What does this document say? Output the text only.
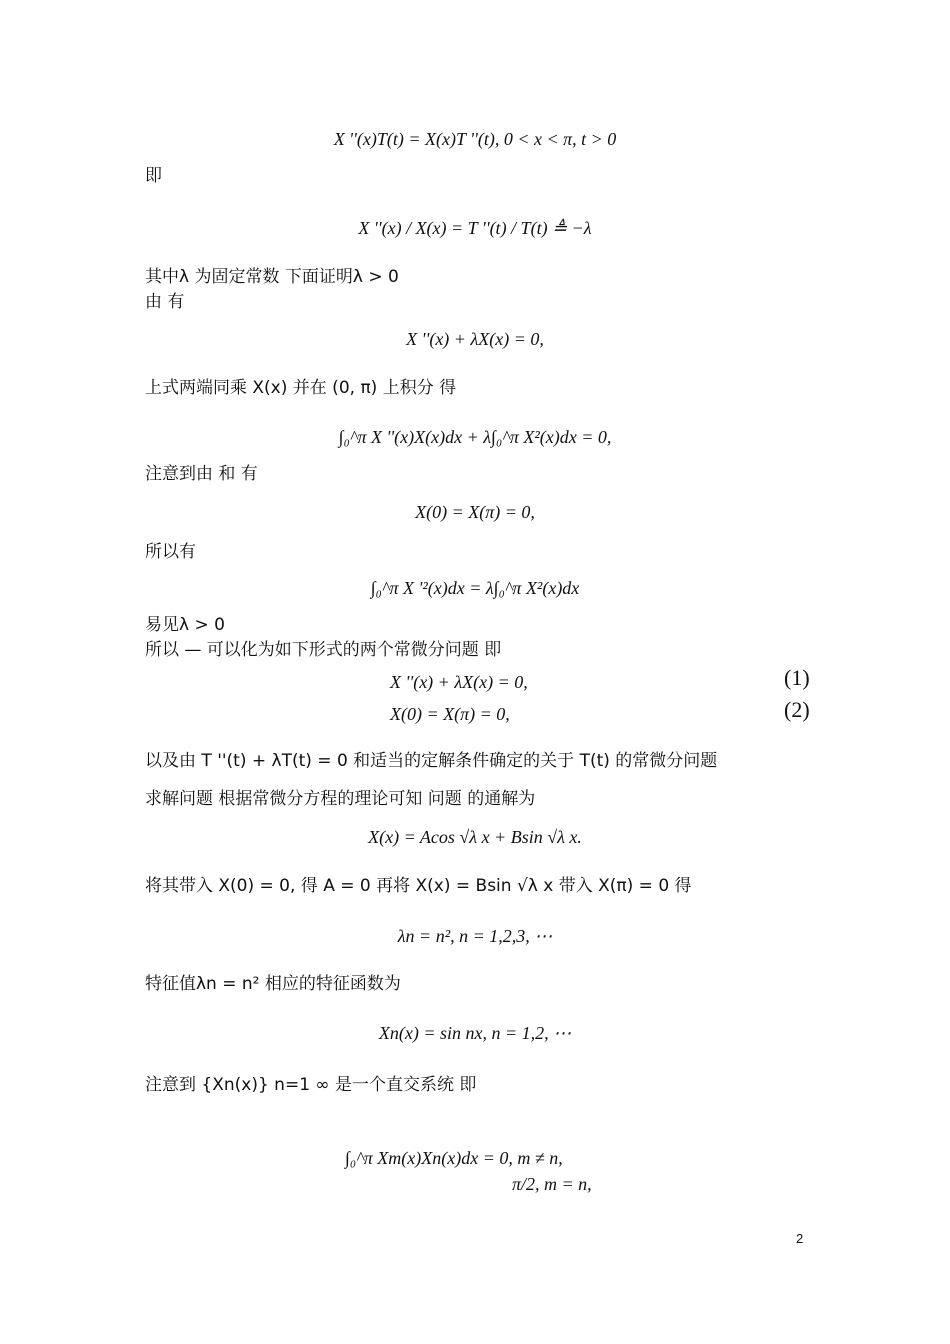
X ''(x)T(t) = X(x)T ''(t), 0 < x < π, t > 0
即
X ''(x) / X(x) = T ''(t) / T(t) ≜ −λ
其中λ 为固定常数 下面证明λ > 0
由 有
X ''(x) + λX(x) = 0,
上式两端同乘 X(x) 并在 (0, π) 上积分 得
∫₀^π X ''(x)X(x)dx + λ∫₀^π X²(x)dx = 0,
注意到由 和 有
X(0) = X(π) = 0,
所以有
∫₀^π X '²(x)dx = λ∫₀^π X²(x)dx
易见λ > 0
所以 — 可以化为如下形式的两个常微分问题 即
X ''(x) + λX(x) = 0,	(1)
X(0) = X(π) = 0,	(2)
以及由 T ''(t) + λT(t) = 0 和适当的定解条件确定的关于 T(t) 的常微分问题
求解问题 根据常微分方程的理论可知 问题 的通解为
X(x) = Acos √λ x + Bsin √λ x.
将其带入 X(0) = 0, 得 A = 0 再将 X(x) = Bsin √λ x 带入 X(π) = 0 得
λn = n², n = 1,2,3, ⋯
特征值λn = n² 相应的特征函数为
Xn(x) = sin nx, n = 1,2, ⋯
注意到 {Xn(x)} n=1 ∞ 是一个直交系统 即
∫₀^π Xm(x)Xn(x)dx = 0, m ≠ n,
π/2, m = n,
2
